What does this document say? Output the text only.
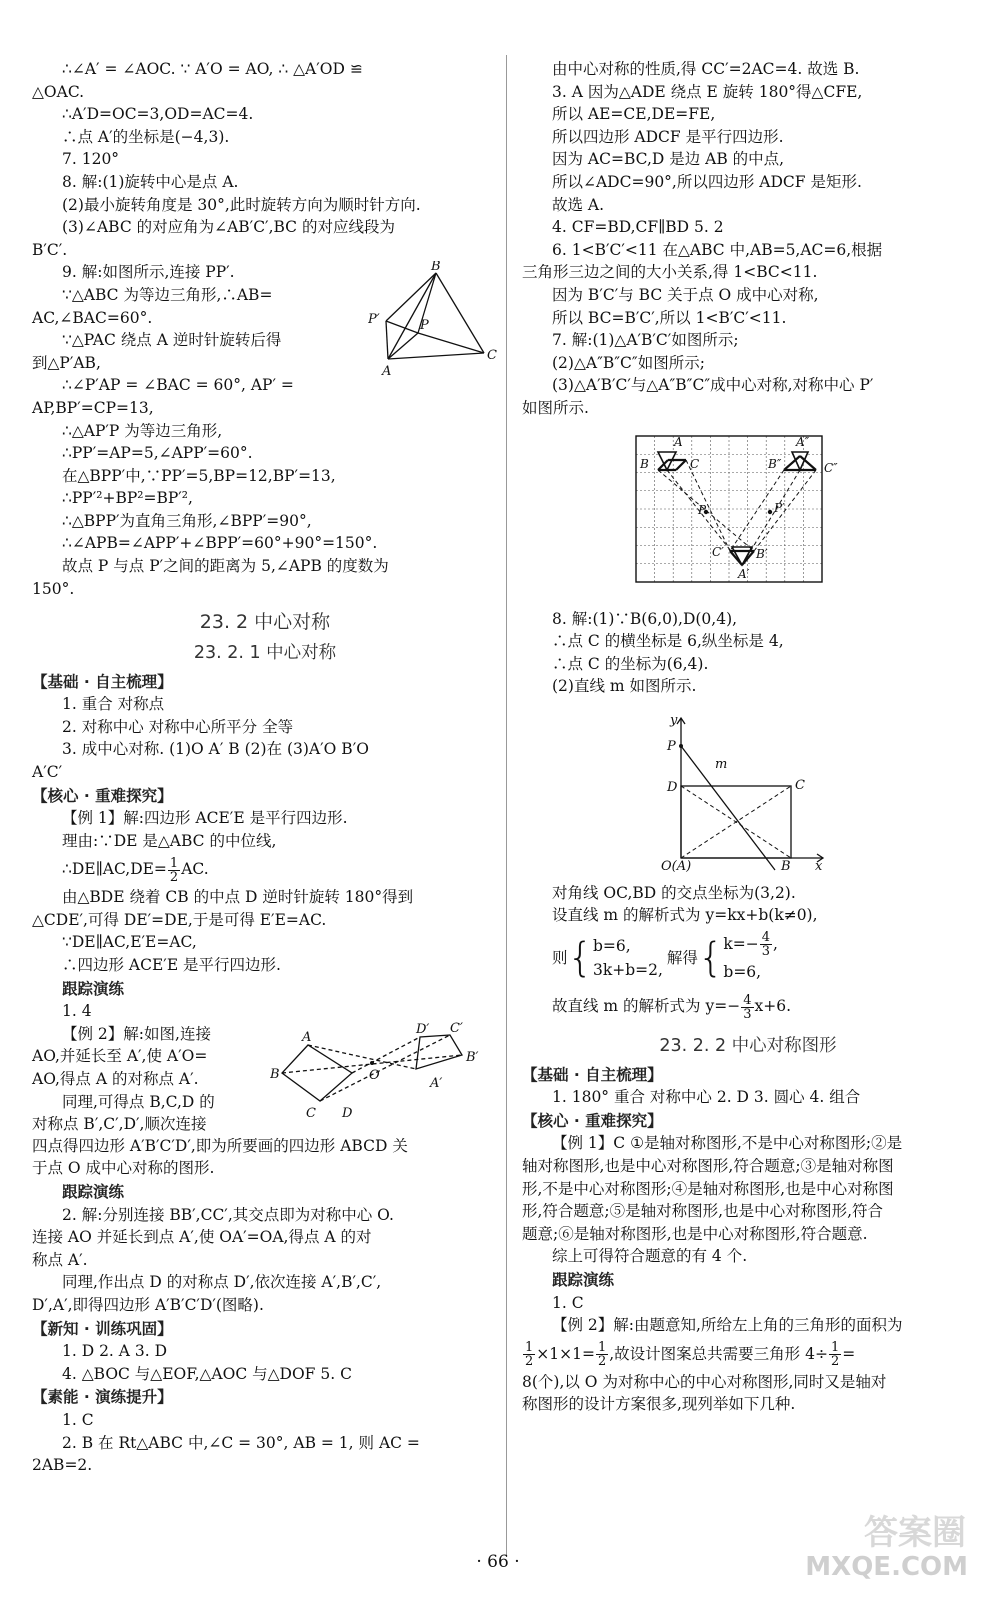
∴∠A′ = ∠AOC. ∵ A′O = AO, ∴ △A′OD ≌
△OAC.
∴A′D=OC=3,OD=AC=4.
∴点 A′的坐标是(−4,3).
7. 120°
8. 解:(1)旋转中心是点 A.
(2)最小旋转角度是 30°,此时旋转方向为顺时针方向.
(3)∠ABC 的对应角为∠AB′C′,BC 的对应线段为
B′C′.
9. 解:如图所示,连接 PP′.
∵△ABC 为等边三角形,∴AB=
AC,∠BAC=60°.
∵△PAC 绕点 A 逆时针旋转后得
到△P′AB,
∴∠P′AP = ∠BAC = 60°, AP′ =
AP,BP′=CP=13,
∴△AP′P 为等边三角形,
∴PP′=AP=5,∠APP′=60°.
在△BPP′中,∵PP′=5,BP=12,BP′=13,
∴PP′²+BP²=BP′²,
∴△BPP′为直角三角形,∠BPP′=90°,
∴∠APB=∠APP′+∠BPP′=60°+90°=150°.
故点 P 与点 P′之间的距离为 5,∠APB 的度数为
150°.
B
P′	P
A
C
23. 2 中心对称
23. 2. 1 中心对称
【基础 · 自主梳理】
1. 重合 对称点
2. 对称中心 对称中心所平分 全等
3. 成中心对称. (1)O A′ B (2)在 (3)A′O B′O
A′C′
【核心 · 重难探究】
【例 1】解:四边形 ACE′E 是平行四边形.
理由:∵DE 是△ABC 的中位线,
∴DE∥AC,DE= $\frac{1}{2}$ AC.
由△BDE 绕着 CB 的中点 D 逆时针旋转 180°得到
△CDE′,可得 DE′=DE,于是可得 E′E=AC.
∵DE∥AC,E′E=AC,
∴四边形 ACE′E 是平行四边形.
跟踪演练
1. 4
【例 2】解:如图,连接
AO,并延长至 A′,使 A′O=
AO,得点 A 的对称点 A′.
同理,可得点 B,C,D 的
对称点 B′,C′,D′,顺次连接
D′ C′
A
B
B′
O
A′
C D
四点得四边形 A′B′C′D′,即为所要画的四边形 ABCD 关
于点 O 成中心对称的图形.
跟踪演练
2. 解:分别连接 BB′,CC′,其交点即为对称中心 O.
连接 AO 并延长到点 A′,使 OA′=OA,得点 A 的对
称点 A′.
同理,作出点 D 的对称点 D′,依次连接 A′,B′,C′,
D′,A′,即得四边形 A′B′C′D′(图略).
【新知 · 训练巩固】
1. D 2. A 3. D
4. △BOC 与△EOF,△AOC 与△DOF 5. C
【素能 · 演练提升】
1. C
2. B 在 Rt△ABC 中,∠C = 30°, AB = 1, 则 AC =
2AB=2.
由中心对称的性质,得 CC′=2AC=4. 故选 B.
3. A 因为△ADE 绕点 E 旋转 180°得△CFE,
所以 AE=CE,DE=FE,
所以四边形 ADCF 是平行四边形.
因为 AC=BC,D 是边 AB 的中点,
所以∠ADC=90°,所以四边形 ADCF 是矩形.
故选 A.
4. CF=BD,CF∥BD 5. 2
6. 1<B′C′<11 在△ABC 中,AB=5,AC=6,根据
三角形三边之间的大小关系,得 1<BC<11.
因为 B′C′与 BC 关于点 O 成中心对称,
所以 BC=B′C′,所以 1<B′C′<11.
7. 解:(1)△A′B′C′如图所示;
(2)△A″B″C″如图所示;
(3)△A′B′C′与△A″B″C″成中心对称,对称中心 P′
如图所示.
A
B	C
A″
B″	C″
P	P′
C′	B′
A′
8. 解:(1)∵B(6,0),D(0,4),
∴点 C 的横坐标是 6,纵坐标是 4,
∴点 C 的坐标为(6,4).
(2)直线 m 如图所示.
y
x
P
m
D	C
O(A)	B
对角线 OC,BD 的交点坐标为(3,2).
设直线 m 的解析式为 y=kx+b(k≠0),
则 { b=6,
3k+b=2,
解得 { $k=- \frac{4}{3}$ ,
b=6,
故直线 m 的解析式为 $y=- \frac{4}{3} x+6$.
23. 2. 2 中心对称图形
【基础 · 自主梳理】
1. 180° 重合 对称中心 2. D 3. 圆心 4. 组合
【核心 · 重难探究】
【例 1】C ①是轴对称图形,不是中心对称图形;②是
轴对称图形,也是中心对称图形,符合题意;③是轴对称图
形,不是中心对称图形;④是轴对称图形,也是中心对称图
形,符合题意;⑤是轴对称图形,也是中心对称图形,符合
题意;⑥是轴对称图形,也是中心对称图形,符合题意.
综上可得符合题意的有 4 个.
跟踪演练
1. C
【例 2】解:由题意知,所给左上角的三角形的面积为
$\frac{1}{2} \times 1\times 1= \frac{1}{2}$ ,故设计图案总共需要三角形 $4\div \frac{1}{2}$ =
8(个),以 O 为对称中心的中心对称图形,同时又是轴对
称图形的设计方案很多,现列举如下几种.
· 66 ·
答案圈
MXQE.COM
